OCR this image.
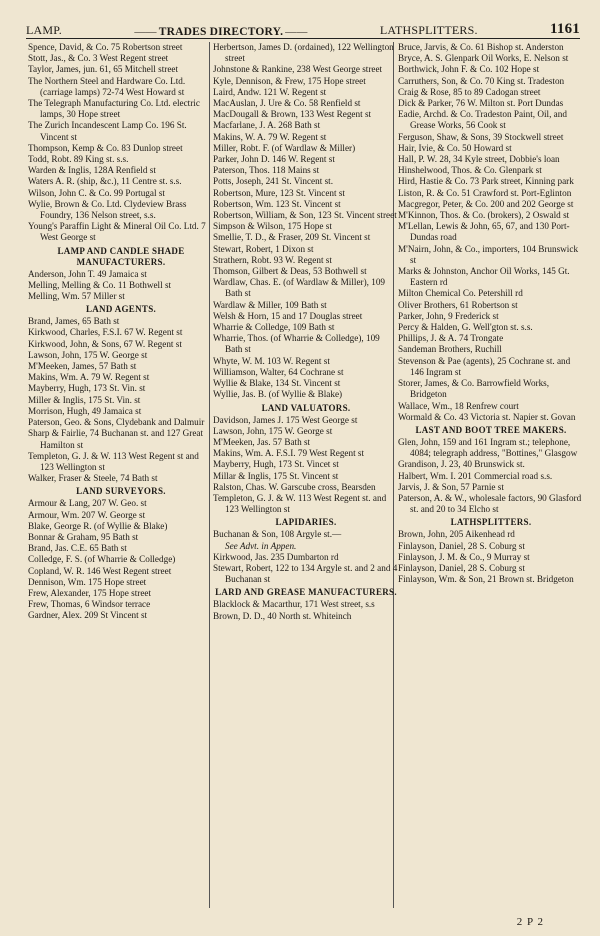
LAMP.	—— TRADES DIRECTORY. ——	LATHSPLITTERS.	1161

Spence, David, & Co. 75 Robertson street

Stott, Jas., & Co. 3 West Regent street

Taylor, James, jun. 61, 65 Mitchell street

The Northern Steel and Hardware Co. Ltd. (carriage lamps) 72-74 West Howard st

The Telegraph Manufacturing Co. Ltd. electric lamps, 30 Hope street

The Zurich Incandescent Lamp Co. 196 St. Vincent st

Thompson, Kemp & Co. 83 Dunlop street

Todd, Robt. 89 King st. s.s.

Warden & Inglis, 128A Renfield st

Waters A. R. (ship, &c.), 11 Centre st. s.s.

Wilson, John C. & Co. 99 Portugal st

Wylie, Brown & Co. Ltd. Clydeview Brass Foundry, 136 Nelson street, s.s.

Young's Paraffin Light & Mineral Oil Co. Ltd. 7 West George st

LAMP AND CANDLE SHADE MANUFACTURERS.

Anderson, John T. 49 Jamaica st

Melling, Melling & Co. 11 Bothwell st

Melling, Wm. 57 Miller st

LAND AGENTS.

Brand, James, 65 Bath st

Kirkwood, Charles, F.S.I. 67 W. Regent st

Kirkwood, John, & Sons, 67 W. Regent st

Lawson, John, 175 W. George st

M'Meeken, James, 57 Bath st

Makins, Wm. A. 79 W. Regent st

Mayberry, Hugh, 173 St. Vin. st

Miller & Inglis, 175 St. Vin. st

Morrison, Hugh, 49 Jamaica st

Paterson, Geo. & Sons, Clydebank and Dalmuir

Sharp & Fairlie, 74 Buchanan st. and 127 Great Hamilton st

Templeton, G. J. & W. 113 West Regent st and 123 Wellington st

Walker, Fraser & Steele, 74 Bath st

LAND SURVEYORS.

Armour & Lang, 207 W. Geo. st

Armour, Wm. 207 W. George st

Blake, George R. (of Wyllie & Blake)

Bonnar & Graham, 95 Bath st

Brand, Jas. C.E. 65 Bath st

Colledge, F. S. (of Wharrie & Colledge)

Copland, W. R. 146 West Regent street

Dennison, Wm. 175 Hope street

Frew, Alexander, 175 Hope street

Frew, Thomas, 6 Windsor terrace

Gardner, Alex. 209 St Vincent st

Herbertson, James D. (ordained), 122 Wellington street

Johnstone & Rankine, 238 West George street

Kyle, Dennison, & Frew, 175 Hope street

Laird, Andw. 121 W. Regent st

MacAuslan, J. Ure & Co. 58 Renfield st

MacDougall & Brown, 133 West Regent st

Macfarlane, J. A. 268 Bath st

Makins, W. A. 79 W. Regent st

Miller, Robt. F. (of Wardlaw & Miller)

Parker, John D. 146 W. Regent st

Paterson, Thos. 118 Mains st

Potts, Joseph, 241 St. Vincent st.

Robertson, Mure, 123 St. Vincent st

Robertson, Wm. 123 St. Vincent st

Robertson, William, & Son, 123 St. Vincent street

Simpson & Wilson, 175 Hope st

Smellie, T. D., & Fraser, 209 St. Vincent st

Stewart, Robert, 1 Dixon st

Strathern, Robt. 93 W. Regent st

Thomson, Gilbert & Deas, 53 Bothwell st

Wardlaw, Chas. E. (of Wardlaw & Miller), 109 Bath st

Wardlaw & Miller, 109 Bath st

Welsh & Horn, 15 and 17 Douglas street

Wharrie & Colledge, 109 Bath st

Wharrie, Thos. (of Wharrie & Colledge), 109 Bath st

Whyte, W. M. 103 W. Regent st

Williamson, Walter, 64 Cochrane st

Wyllie & Blake, 134 St. Vincent st

Wyllie, Jas. B. (of Wyllie & Blake)

LAND VALUATORS.

Davidson, James J. 175 West George st

Lawson, John, 175 W. George st

M'Meeken, Jas. 57 Bath st

Makins, Wm. A. F.S.I. 79 West Regent st

Mayberry, Hugh, 173 St. Vincet st

Millar & Inglis, 175 St. Vincent st

Ralston, Chas. W. Garscube cross, Bearsden

Templeton, G. J. & W. 113 West Regent st. and 123 Wellington st

LAPIDARIES.

Buchanan & Son, 108 Argyle st.—

See Advt. in Appen.

Kirkwood, Jas. 235 Dumbarton rd

Stewart, Robert, 122 to 134 Argyle st. and 2 and 4 Buchanan st

LARD AND GREASE MANUFACTURERS.

Blacklock & Macarthur, 171 West street, s.s

Brown, D. D., 40 North st. Whiteinch

Bruce, Jarvis, & Co. 61 Bishop st. Anderston

Bryce, A. S. Glenpark Oil Works, E. Nelson st

Borthwick, John F. & Co. 102 Hope st

Carruthers, Son, & Co. 70 King st. Tradeston

Craig & Rose, 85 to 89 Cadogan street

Dick & Parker, 76 W. Milton st. Port Dundas

Eadie, Archd. & Co. Tradeston Paint, Oil, and Grease Works, 56 Cook st

Ferguson, Shaw, & Sons, 39 Stockwell street

Hair, Ivie, & Co. 50 Howard st

Hall, P. W. 28, 34 Kyle street, Dobbie's loan

Hinshelwood, Thos. & Co. Glenpark st

Hird, Hastie & Co. 73 Park street, Kinning park

Liston, R. & Co. 51 Crawford st. Port-Eglinton

Macgregor, Peter, & Co. 200 and 202 George st

M'Kinnon, Thos. & Co. (brokers), 2 Oswald st

M'Lellan, Lewis & John, 65, 67, and 130 Port-Dundas road

M'Nairn, John, & Co., importers, 104 Brunswick st

Marks & Johnston, Anchor Oil Works, 145 Gt. Eastern rd

Milton Chemical Co. Petershill rd

Oliver Brothers, 61 Robertson st

Parker, John, 9 Frederick st

Percy & Halden, G. Well'gton st. s.s.

Phillips, J. & A. 74 Trongate

Sandeman Brothers, Ruchill

Stevenson & Pae (agents), 25 Cochrane st. and 146 Ingram st

Storer, James, & Co. Barrowfield Works, Bridgeton

Wallace, Wm., 18 Renfrew court

Wormald & Co. 43 Victoria st. Napier st. Govan

LAST AND BOOT TREE MAKERS.

Glen, John, 159 and 161 Ingram st.; telephone, 4084; telegraph address, "Bottines," Glasgow

Grandison, J. 23, 40 Brunswick st.

Halbert, Wm. I. 201 Commercial road s.s.

Jarvis, J. & Son, 57 Parnie st

Paterson, A. & W., wholesale factors, 90 Glasford st. and 20 to 34 Elcho st

LATHSPLITTERS.

Brown, John, 205 Aikenhead rd

Finlayson, Daniel, 28 S. Coburg st

Finlayson, J. M. & Co., 9 Murray st

Finlayson, Daniel, 28 S. Coburg st

Finlayson, Wm. & Son, 21 Brown st. Bridgeton

2 P 2
